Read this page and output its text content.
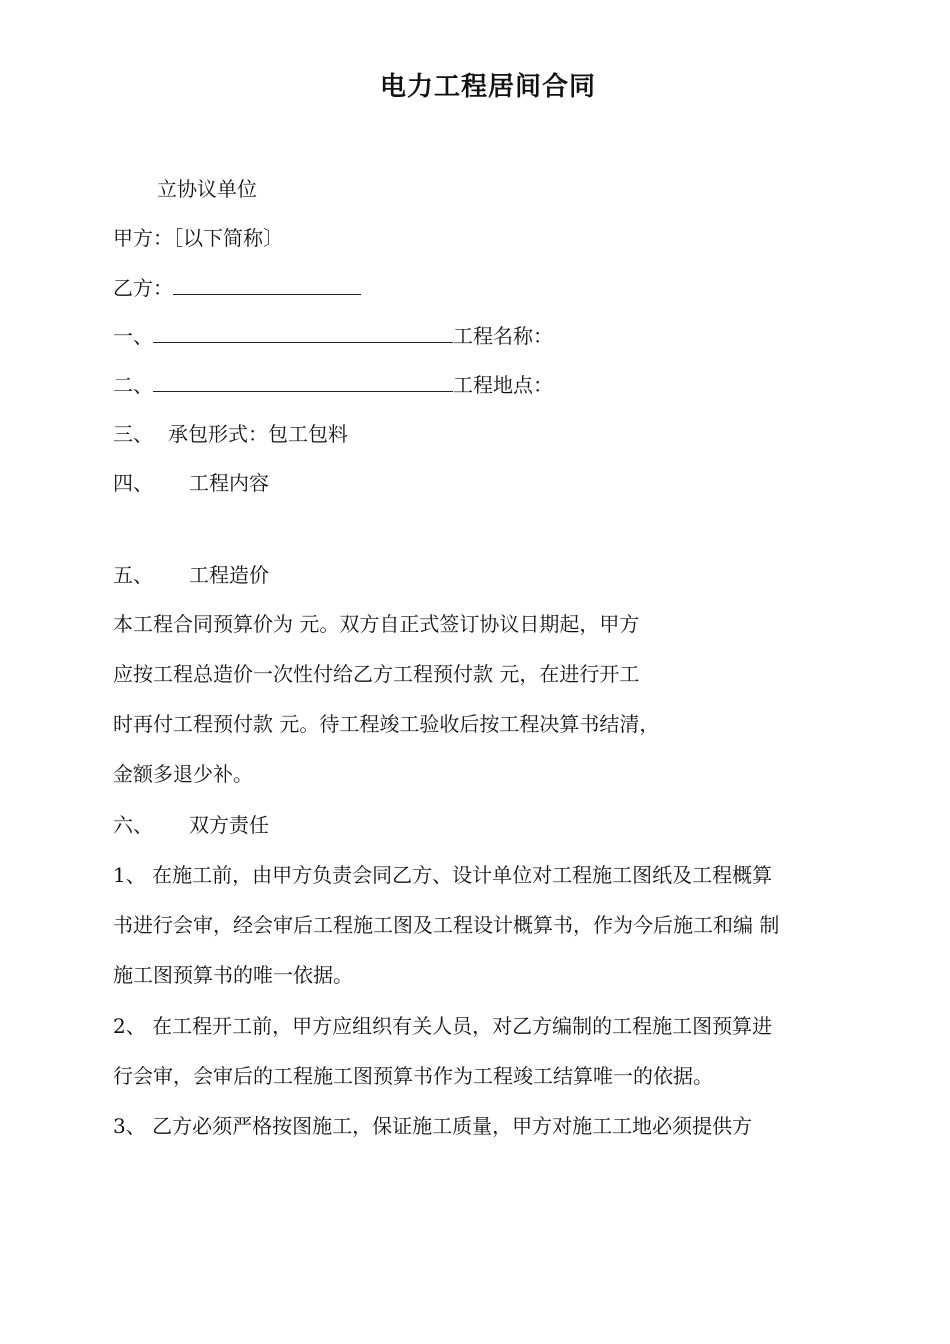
电力工程居间合同
立协议单位
甲方：［以下简称〕
乙方：
一、	工程名称：
二、	工程地点：
三、 承包形式：包工包料
四、 工程内容
五、 工程造价
本工程合同预算价为 元。双方自正式签订协议日期起，甲方
应按工程总造价一次性付给乙方工程预付款 元，在进行开工
时再付工程预付款 元。待工程竣工验收后按工程决算书结清，
金额多退少补。
六、 双方责任
1、 在施工前，由甲方负责会同乙方、设计单位对工程施工图纸及工程概算
书进行会审，经会审后工程施工图及工程设计概算书，作为今后施工和编 制
施工图预算书的唯一依据。
2、 在工程开工前，甲方应组织有关人员，对乙方编制的工程施工图预算进
行会审，会审后的工程施工图预算书作为工程竣工结算唯一的依据。
3、 乙方必须严格按图施工，保证施工质量，甲方对施工工地必须提供方
